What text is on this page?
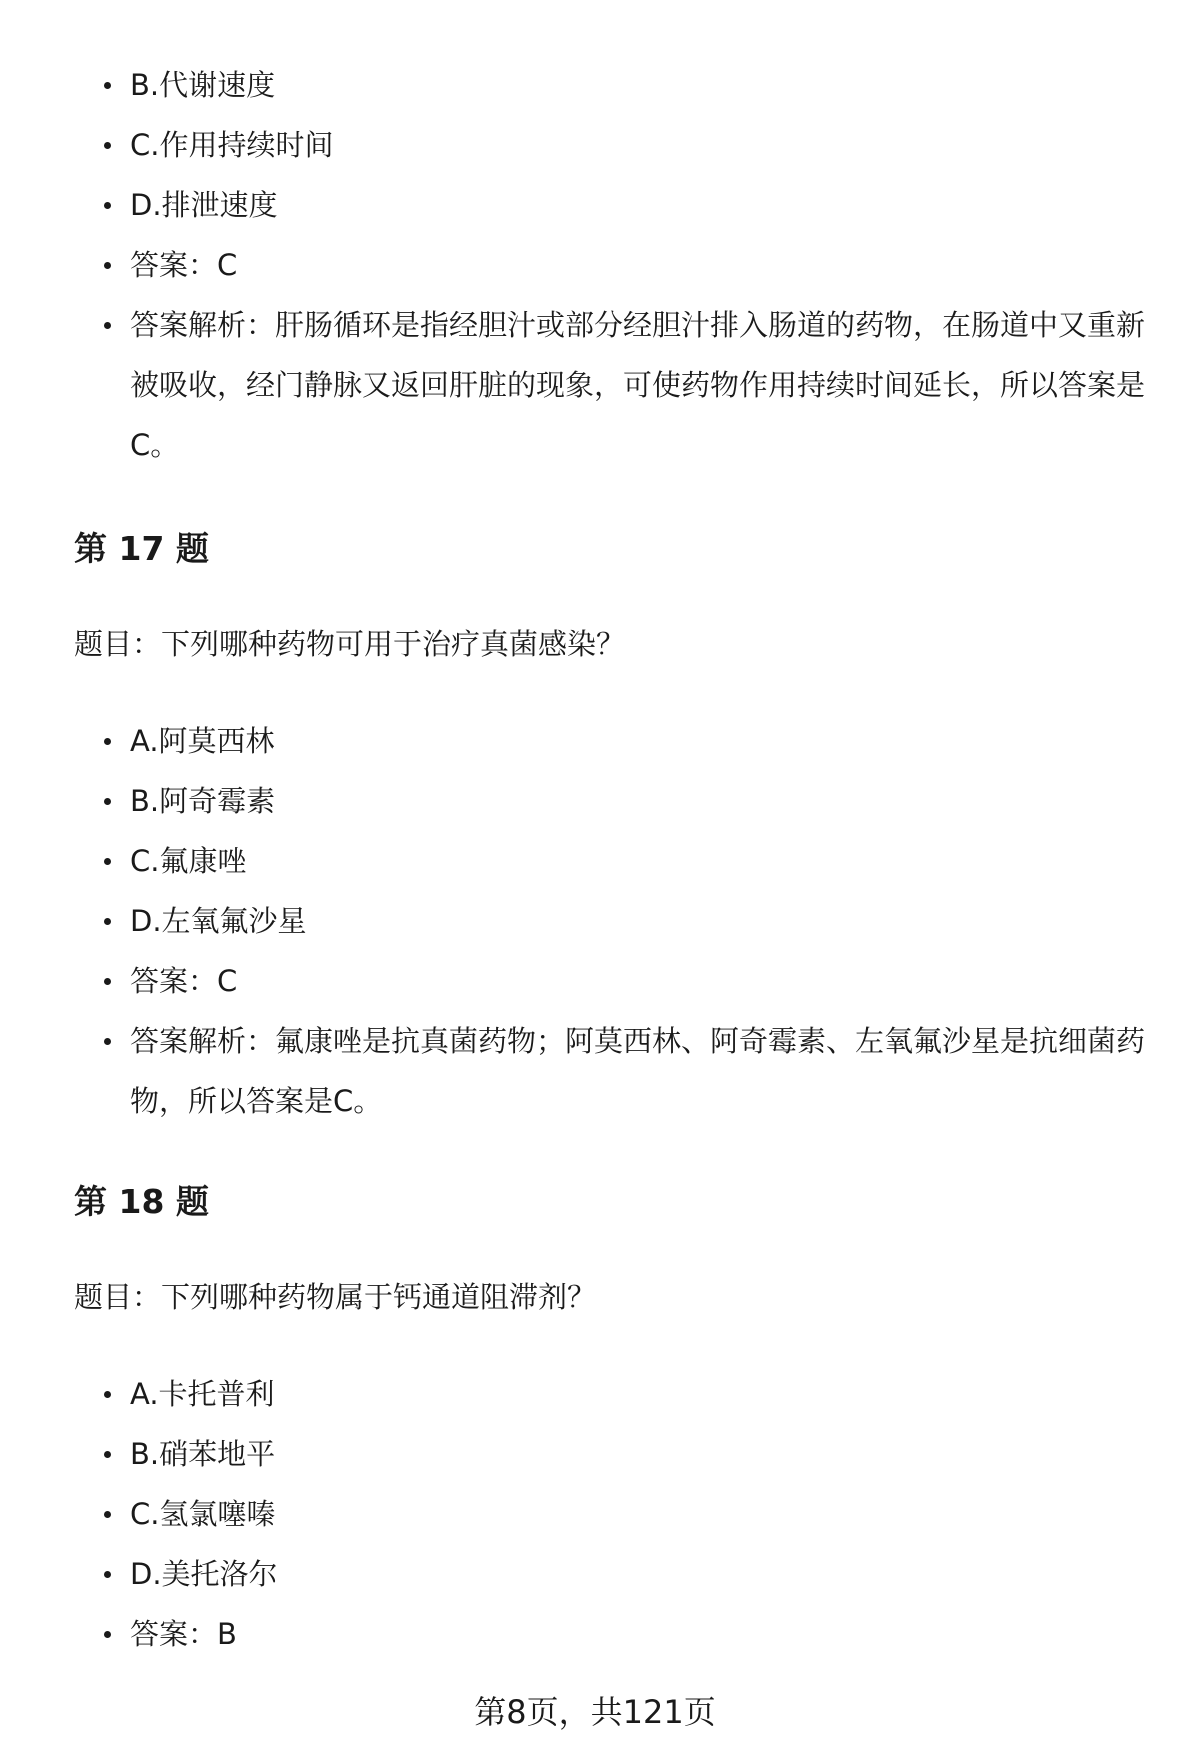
B.代谢速度
C.作用持续时间
D.排泄速度
答案：C
答案解析：肝肠循环是指经胆汁或部分经胆汁排入肠道的药物，在肠道中又重新被吸收，经门静脉又返回肝脏的现象，可使药物作用持续时间延长，所以答案是C。
第 17 题

题目：下列哪种药物可用于治疗真菌感染？

A.阿莫西林
B.阿奇霉素
C.氟康唑
D.左氧氟沙星
答案：C
答案解析：氟康唑是抗真菌药物；阿莫西林、阿奇霉素、左氧氟沙星是抗细菌药物，所以答案是C。
第 18 题

题目：下列哪种药物属于钙通道阻滞剂？

A.卡托普利
B.硝苯地平
C.氢氯噻嗪
D.美托洛尔
答案：B
第8页，共121页
